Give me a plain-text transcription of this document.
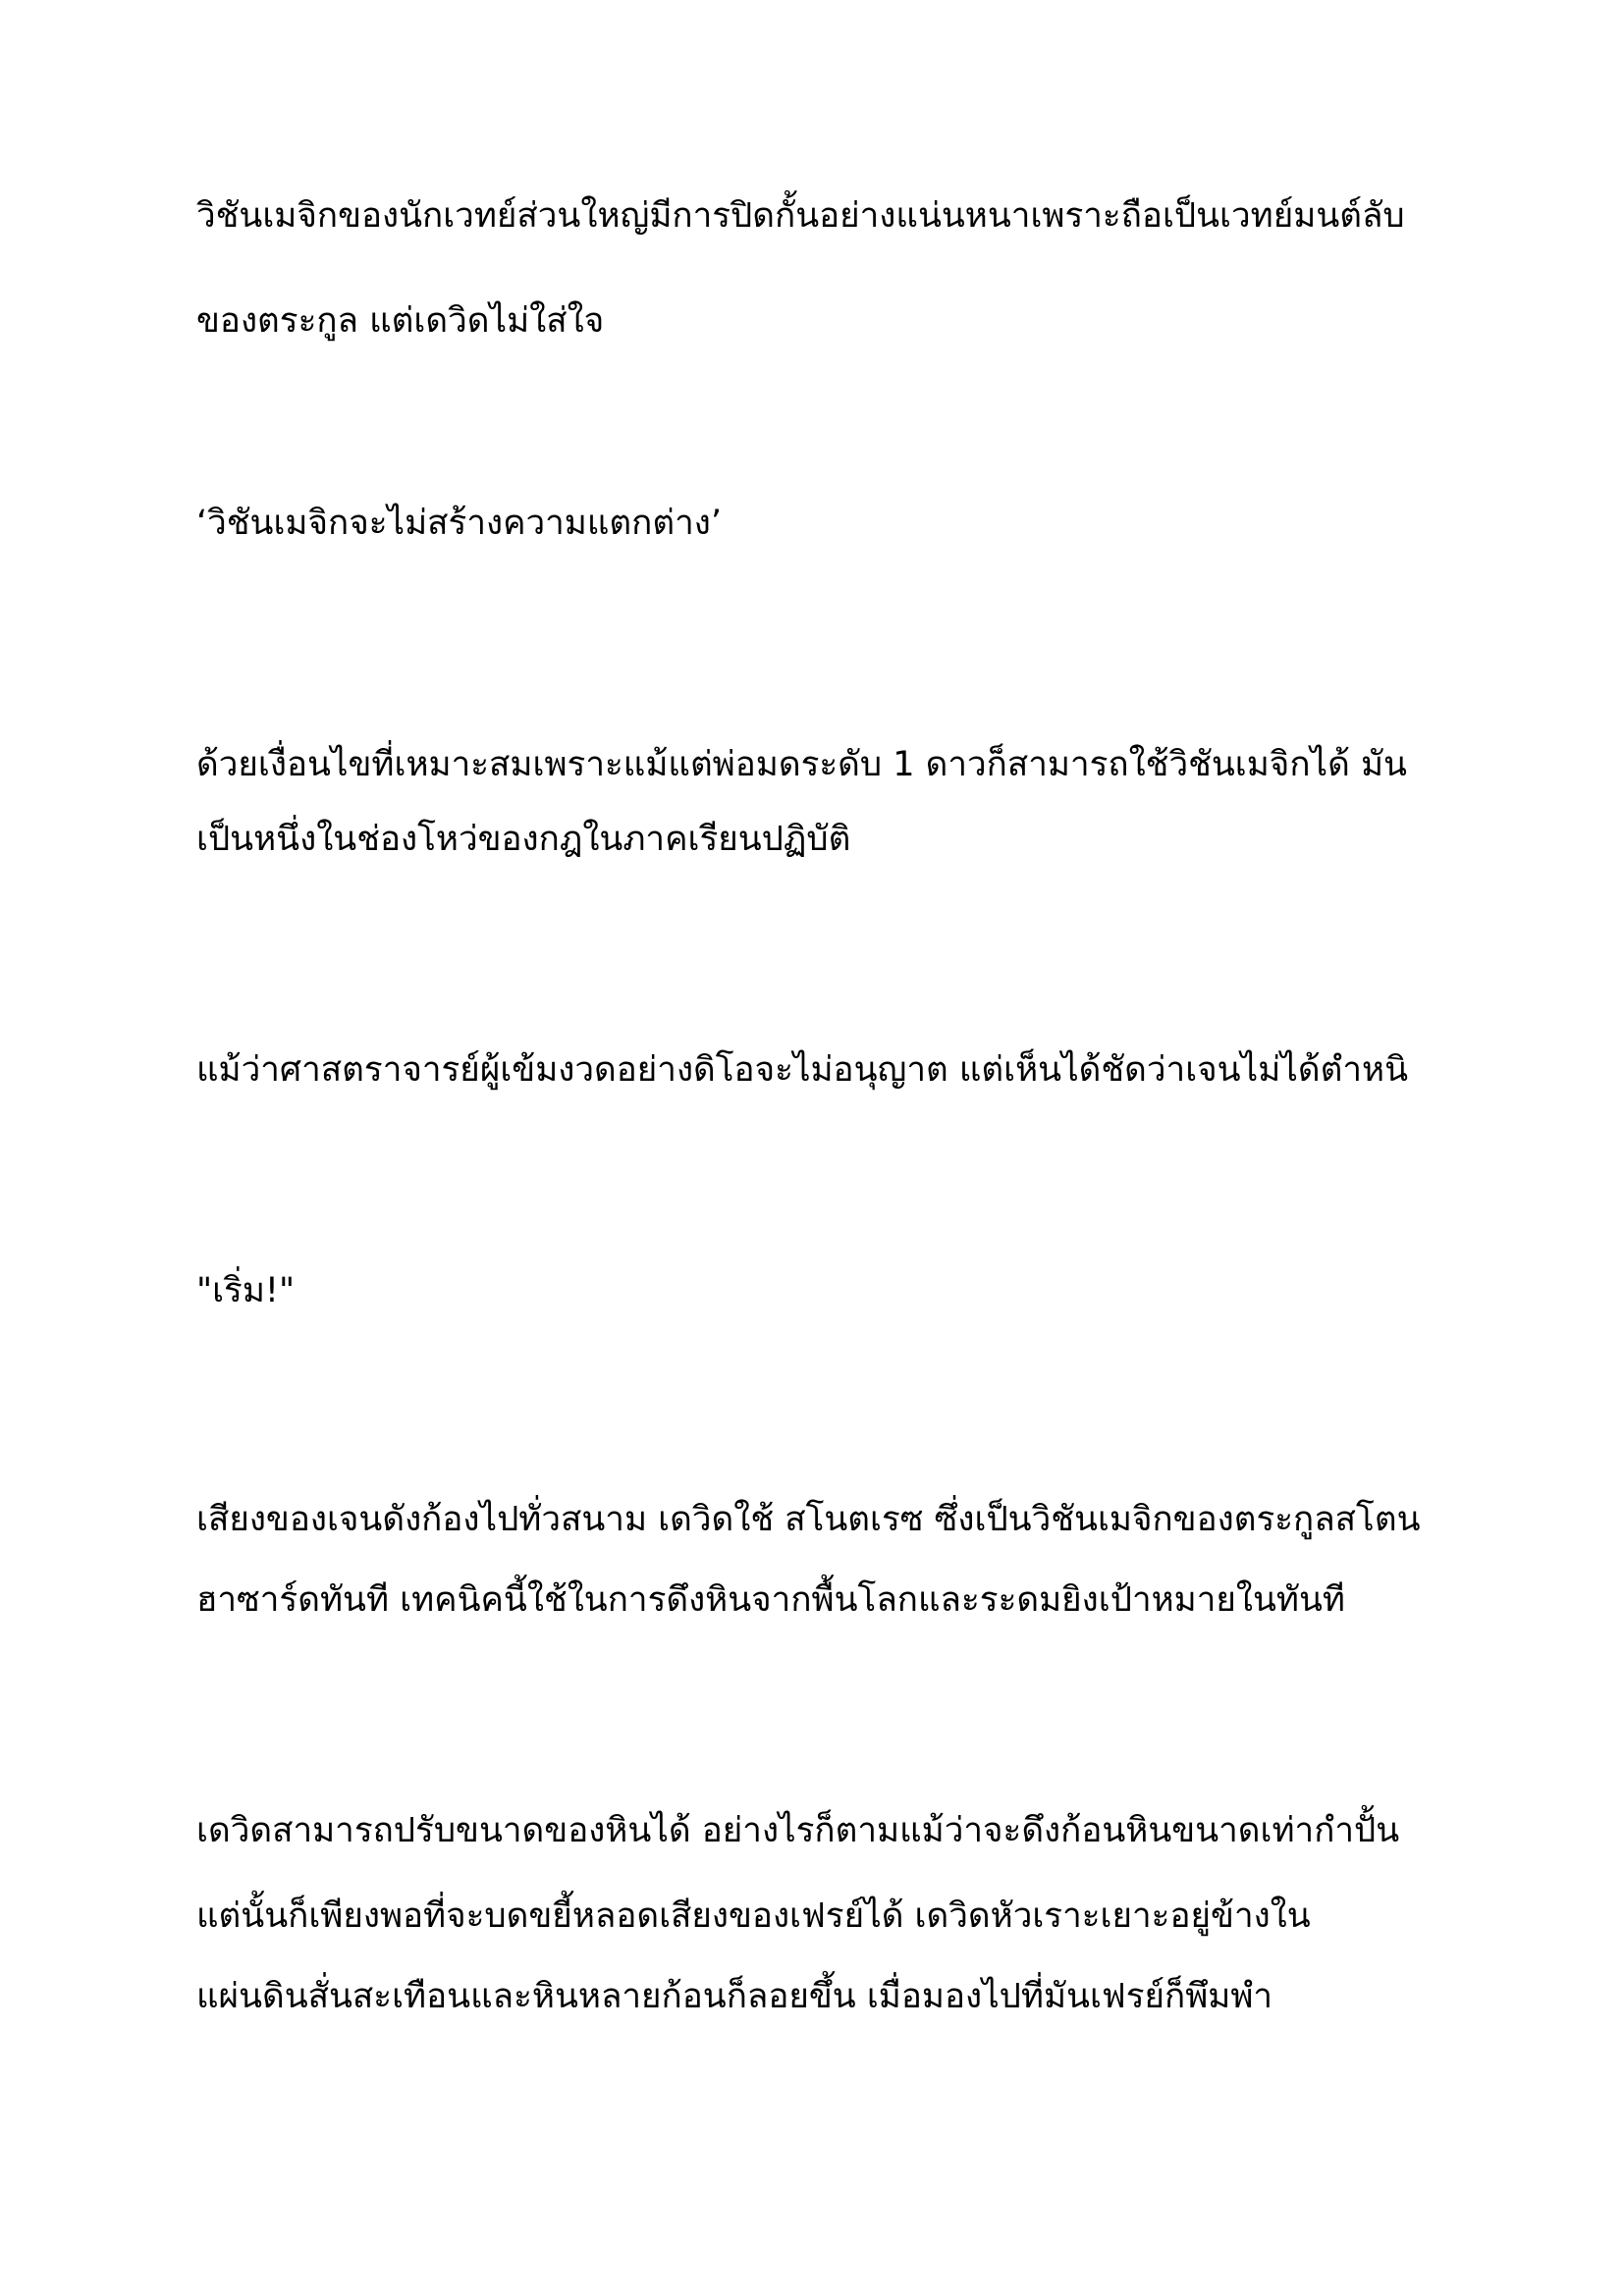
วิชันเมจิกของนักเวทย์ส่วนใหญ่มีการปิดกั้นอย่างแน่นหนาเพราะถือเป็นเวทย์มนต์ลับ

ของตระกูล แต่เดวิดไม่ใส่ใจ

‘วิชันเมจิกจะไม่สร้างความแตกต่าง’

ด้วยเงื่อนไขที่เหมาะสมเพราะแม้แต่พ่อมดระดับ 1 ดาวก็สามารถใช้วิชันเมจิกได้ มัน

เป็นหนึ่งในช่องโหว่ของกฎในภาคเรียนปฏิบัติ

แม้ว่าศาสตราจารย์ผู้เข้มงวดอย่างดิโอจะไม่อนุญาต แต่เห็นได้ชัดว่าเจนไม่ได้ตำหนิ

"เริ่ม!"

เสียงของเจนดังก้องไปทั่วสนาม เดวิดใช้ สโนตเรซ ซึ่งเป็นวิชันเมจิกของตระกูลสโตน

ฮาซาร์ดทันที เทคนิคนี้ใช้ในการดึงหินจากพื้นโลกและระดมยิงเป้าหมายในทันที

เดวิดสามารถปรับขนาดของหินได้ อย่างไรก็ตามแม้ว่าจะดึงก้อนหินขนาดเท่ากำปั้น

แต่นั้นก็เพียงพอที่จะบดขยี้หลอดเสียงของเฟรย์ได้ เดวิดหัวเราะเยาะอยู่ข้างใน

แผ่นดินสั่นสะเทือนและหินหลายก้อนก็ลอยขึ้น เมื่อมองไปที่มันเฟรย์ก็พึมพำ
